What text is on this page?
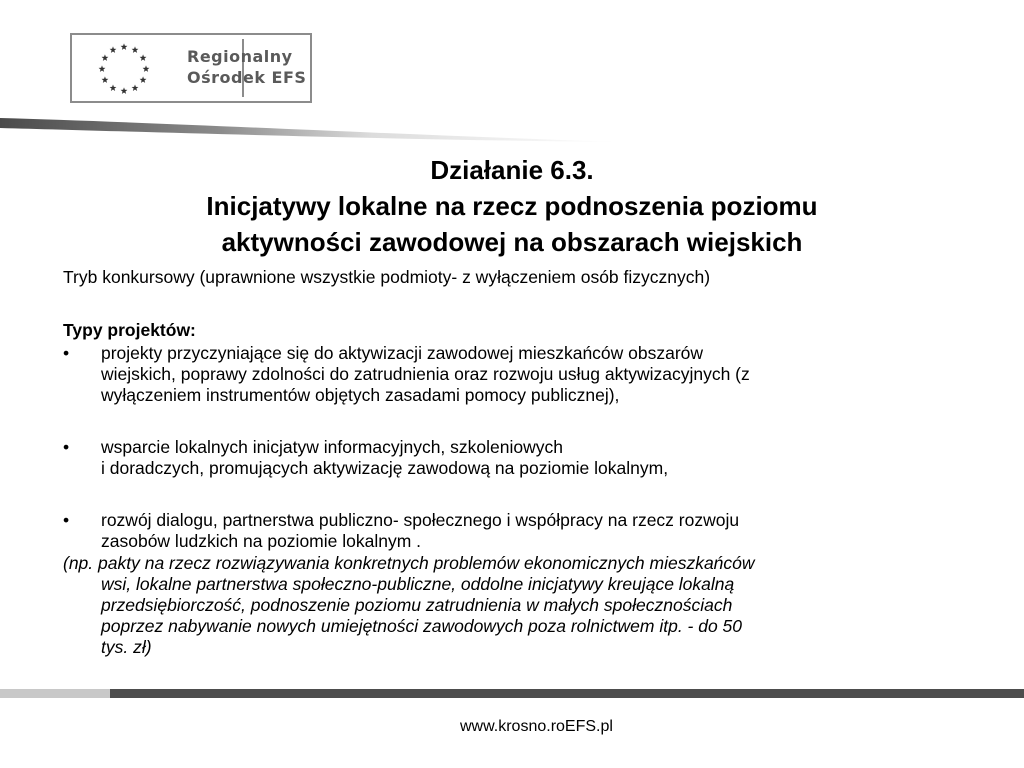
Regionalny
Ośrodek EFS
Działanie 6.3.
Inicjatywy lokalne na rzecz podnoszenia poziomu
aktywności zawodowej na obszarach wiejskich
Tryb konkursowy (uprawnione wszystkie podmioty- z wyłączeniem osób fizycznych)
Typy projektów:
• projekty przyczyniające się do aktywizacji zawodowej mieszkańców obszarów
wiejskich, poprawy zdolności do zatrudnienia oraz rozwoju usług aktywizacyjnych (z
wyłączeniem instrumentów objętych zasadami pomocy publicznej),
• wsparcie lokalnych inicjatyw informacyjnych, szkoleniowych
i doradczych, promujących aktywizację zawodową na poziomie lokalnym,
• rozwój dialogu, partnerstwa publiczno- społecznego i współpracy na rzecz rozwoju
zasobów ludzkich na poziomie lokalnym .
(np. pakty na rzecz rozwiązywania konkretnych problemów ekonomicznych mieszkańców
wsi, lokalne partnerstwa społeczno-publiczne, oddolne inicjatywy kreujące lokalną
przedsiębiorczość, podnoszenie poziomu zatrudnienia w małych społecznościach
poprzez nabywanie nowych umiejętności zawodowych poza rolnictwem itp. - do 50
tys. zł)
www.krosno.roEFS.pl
